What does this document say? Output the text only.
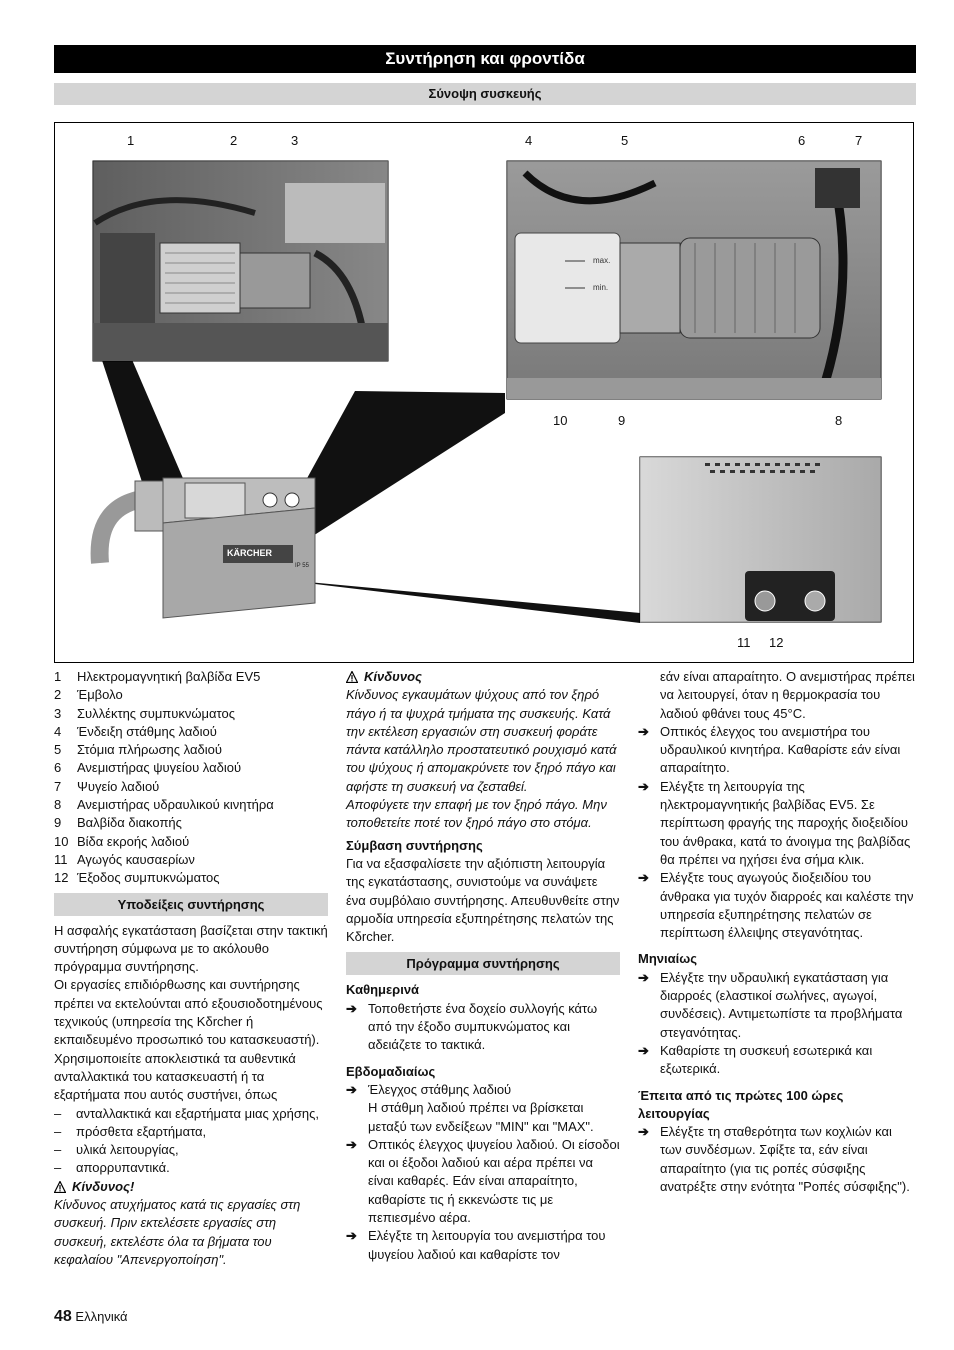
Συντήρηση και φροντίδα
Σύνοψη συσκευής
1	2	3	4	5	6	7
8
9
10
11 12
max.
min.
KÄRCHER
IP 55
1	Ηλεκτρομαγνητική βαλβίδα EV5
2	Έμβολο
3	Συλλέκτης συμπυκνώματος
4	Ένδειξη στάθμης λαδιού
5	Στόμια πλήρωσης λαδιού
6	Ανεμιστήρας ψυγείου λαδιού
7	Ψυγείο λαδιού
8	Ανεμιστήρας υδραυλικού κινητήρα
9	Βαλβίδα διακοπής
10 Βίδα εκροής λαδιού
11 Αγωγός καυσαερίων
12 Έξοδος συμπυκνώματος
Υποδείξεις συντήρησης

Η ασφαλής εγκατάσταση βασίζεται στην τακτική συντήρηση σύμφωνα με το ακόλουθο πρόγραμμα συντήρησης.

Οι εργασίες επιδιόρθωσης και συντήρησης πρέπει να εκτελούνται από εξουσιοδοτημένους τεχνικούς (υπηρεσία της Kδrcher ή εκπαιδευμένο προσωπικό του κατασκευαστή).

Χρησιμοποιείτε αποκλειστικά τα αυθεντικά ανταλλακτικά του κατασκευαστή ή τα εξαρτήματα που αυτός συστήνει, όπως

–	ανταλλακτικά και εξαρτήματα μιας χρήσης,
–	πρόσθετα εξαρτήματα,
–	υλικά λειτουργίας,
–	απορρυπαντικά.
Κίνδυνος!

Κίνδυνος ατυχήματος κατά τις εργασίες στη συσκευή. Πριν εκτελέσετε εργασίες στη συσκευή, εκτελέστε όλα τα βήματα του κεφαλαίου "Απενεργοποίηση".

Κίνδυνος

Κίνδυνος εγκαυμάτων ψύχους από τον ξηρό πάγο ή τα ψυχρά τμήματα της συσκευής. Κατά την εκτέλεση εργασιών στη συσκευή φοράτε πάντα κατάλληλο προστατευτικό ρουχισμό κατά του ψύχους ή απομακρύνετε τον ξηρό πάγο και αφήστε τη συσκευή να ζεσταθεί.

Αποφύγετε την επαφή με τον ξηρό πάγο. Μην τοποθετείτε ποτέ τον ξηρό πάγο στο στόμα.

Σύμβαση συντήρησης

Για να εξασφαλίσετε την αξιόπιστη λειτουργία της εγκατάστασης, συνιστούμε να συνάψετε ένα συμβόλαιο συντήρησης. Απευθυνθείτε στην αρμοδία υπηρεσία εξυπηρέτησης πελατών της Kδrcher.

Πρόγραμμα συντήρησης
Καθημερινά
➔ Τοποθετήστε ένα δοχείο συλλογής κάτω από την έξοδο συμπυκνώματος και αδειάζετε το τακτικά.
Εβδομαδιαίως
➔ Έλεγχος στάθμης λαδιού
Η στάθμη λαδιού πρέπει να βρίσκεται μεταξύ των ενδείξεων "MIN" και "MAX".
➔ Οπτικός έλεγχος ψυγείου λαδιού. Οι είσοδοι και οι έξοδοι λαδιού και αέρα πρέπει να είναι καθαρές. Εάν είναι απαραίτητο, καθαρίστε τις ή εκκενώστε τις με πεπιεσμένο αέρα.
➔ Ελέγξτε τη λειτουργία του ανεμιστήρα του ψυγείου λαδιού και καθαρίστε τον
εάν είναι απαραίτητο. Ο ανεμιστήρας πρέπει να λειτουργεί, όταν η θερμοκρασία του λαδιού φθάνει τους 45°C.
➔ Οπτικός έλεγχος του ανεμιστήρα του υδραυλικού κινητήρα. Καθαρίστε εάν είναι απαραίτητο.
➔ Ελέγξτε τη λειτουργία της ηλεκτρομαγνητικής βαλβίδας EV5. Σε περίπτωση φραγής της παροχής διοξειδίου του άνθρακα, κατά το άνοιγμα της βαλβίδας θα πρέπει να ηχήσει ένα σήμα κλικ.
➔ Ελέγξτε τους αγωγούς διοξειδίου του άνθρακα για τυχόν διαρροές και καλέστε την υπηρεσία εξυπηρέτησης πελατών σε περίπτωση έλλειψης στεγανότητας.
Μηνιαίως
➔ Ελέγξτε την υδραυλική εγκατάσταση για διαρροές (ελαστικοί σωλήνες, αγωγοί, συνδέσεις). Αντιμετωπίστε τα προβλήματα στεγανότητας.
➔ Καθαρίστε τη συσκευή εσωτερικά και εξωτερικά.
Έπειτα από τις πρώτες 100 ώρες λειτουργίας
➔ Ελέγξτε τη σταθερότητα των κοχλιών και των συνδέσμων. Σφίξτε τα, εάν είναι απαραίτητο (για τις ροπές σύσφιξης ανατρέξτε στην ενότητα "Ροπές σύσφιξης").
48 Ελληνικά
